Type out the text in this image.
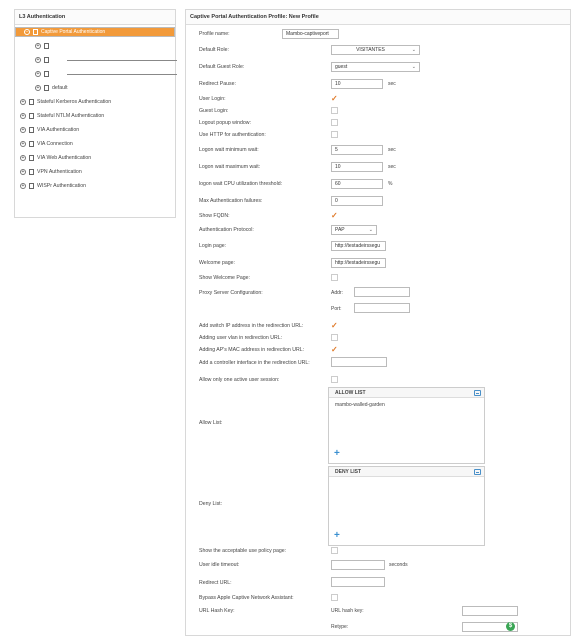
L3 Authentication
−	Captive Portal Authentication
+
+
+
+ default
+ Stateful Kerberos Authentication
+ Stateful NTLM Authentication
+ VIA Authentication
+ VIA Connection
+ VIA Web Authentication
+ VPN Authentication
+ WISPr Authentication
Captive Portal Authentication Profile: New Profile
Profile name:	Mambo-captiveport
Default Role:	VISITANTES	⌄
Default Guest Role:	guest	⌄
Redirect Pause:	10	sec
User Login:	✓
Guest Login:
Logout popup window:
Use HTTP for authentication:
Logon wait minimum wait:	5	sec
Logon wait maximum wait:	10	sec
logon wait CPU utilization threshold:	60	%
Max Authentication failures:	0
Show FQDN:	✓
Authentication Protocol:	PAP	⌄
Login page:	http://testadeirssegu
Welcome page:	http://testadeirssegu
Show Welcome Page:
Proxy Server Configuration:	Addr:
Port:
Add switch IP address in the redirection URL:	✓
Adding user vlan in redirection URL:
Adding AP's MAC address in redirection URL:	✓
Add a controller interface in the redirection URL:
Allow only one active user session:
Allow List:
ALLOW LIST
mambo-walled-garden
+
Deny List:
DENY LIST
+
Show the acceptable use policy page:
User idle timeout:	seconds
Redirect URL:
Bypass Apple Captive Network Assistant:
URL Hash Key:	URL hash key:
Retype:	$
